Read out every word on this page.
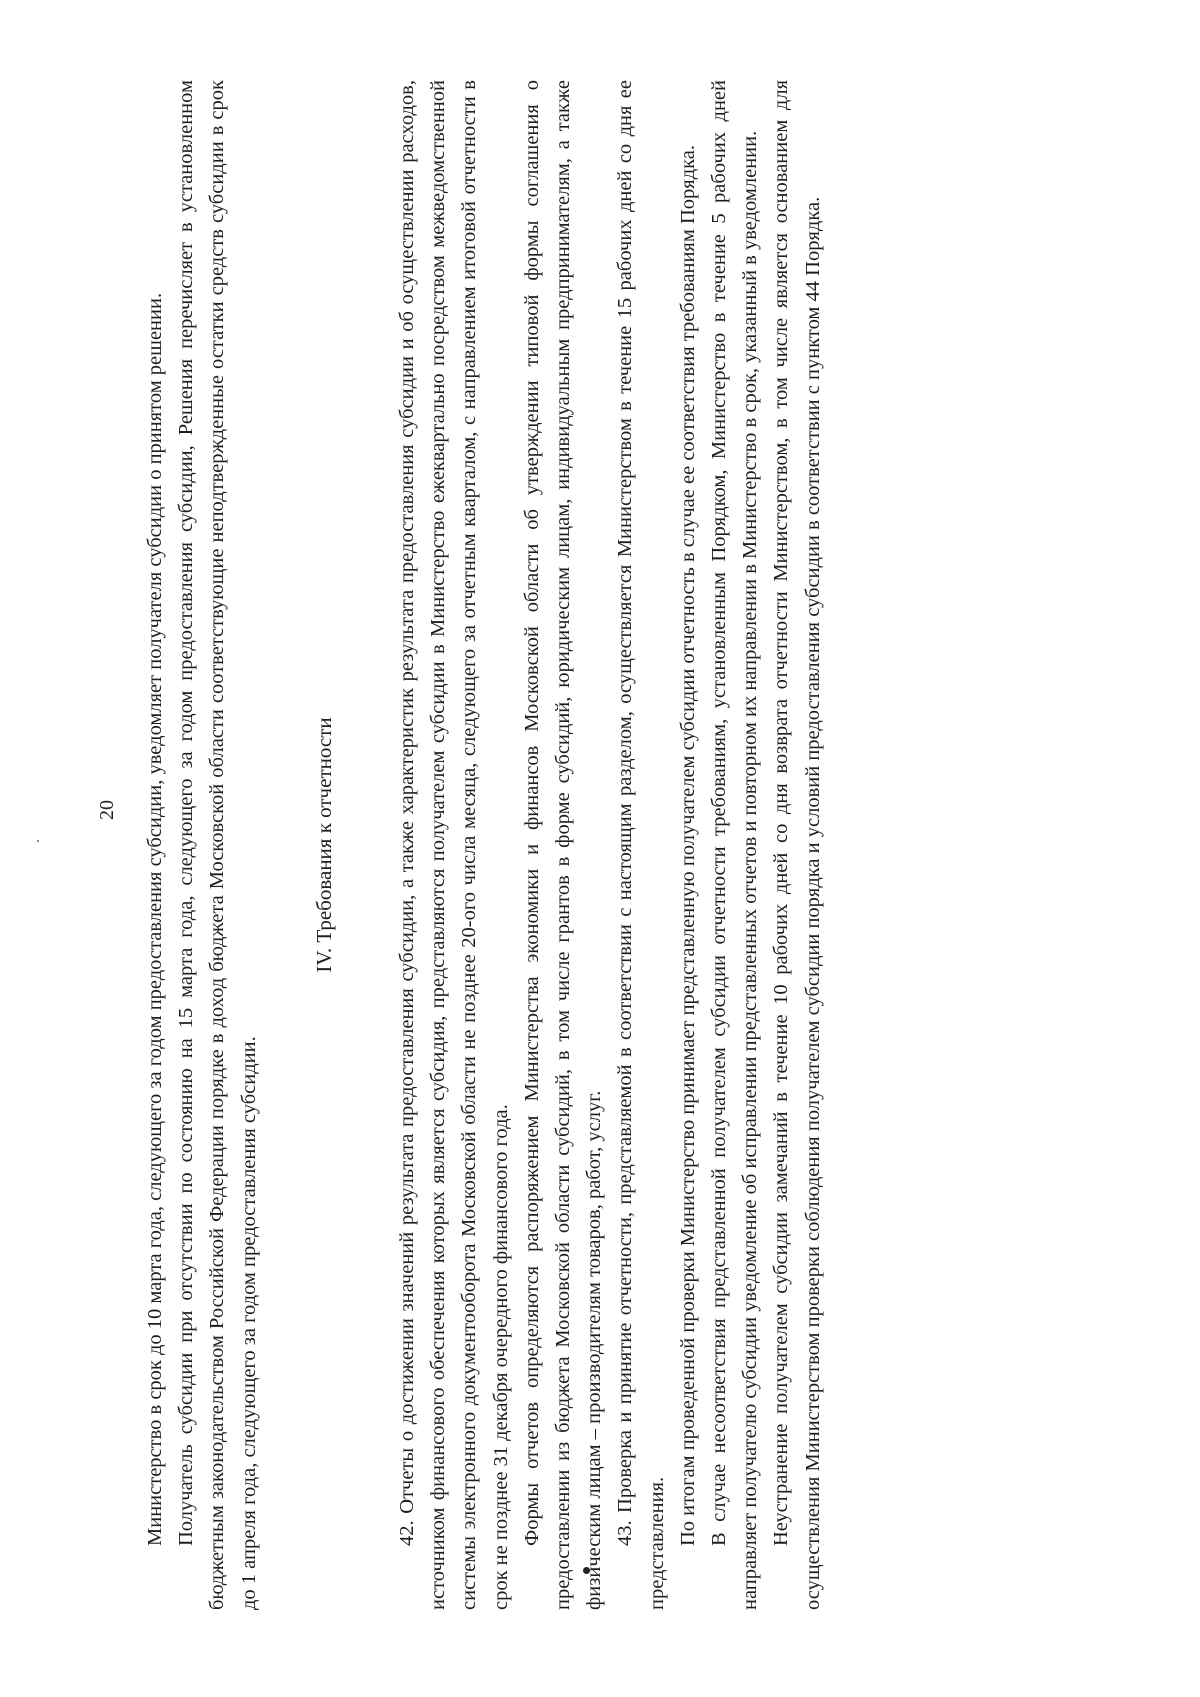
20 Министерство в срок до 10 марта года, следующего за годом предоставления субсидии, уведомляет получателя субсидии о принятом решении. Получатель субсидии при отсутствии по состоянию на 15 марта года, следующего за годом предоставления субсидии, Решения перечисляет в установленном бюджетным законодательством Российской Федерации порядке в доход бюджета Московской области соответствующие неподтвержденные остатки средств субсидии в срок до 1 апреля года, следующего за годом предоставления субсидии.

IV. Требования к отчетности	42. Отчеты о достижении значений результата предоставления субсидии, а также характеристик результата предоставления субсидии и об осуществлении расходов, источником финансового обеспечения которых является субсидия, представляются получателем субсидии в Министерство ежеквартально посредством межведомственной системы электронного документооборота Московской области не позднее 20-ого числа месяца, следующего за отчетным кварталом, с направлением итоговой отчетности в срок не позднее 31 декабря очередного финансового года. Формы отчетов определяются распоряжением Министерства экономики и финансов Московской области об утверждении типовой формы соглашения о предоставлении из бюджета Московской области субсидий, в том числе грантов в форме субсидий, юридическим лицам, индивидуальным предпринимателям, а также физическим лицам – производителям товаров, работ, услуг. 43. Проверка и принятие отчетности, представляемой в соответствии с настоящим разделом, осуществляется Министерством в течение 15 рабочих дней со дня ее представления. По итогам проведенной проверки Министерство принимает представленную получателем субсидии отчетность в случае ее соответствия требованиям Порядка. В случае несоответствия представленной получателем субсидии отчетности требованиям, установленным Порядком, Министерство в течение 5 рабочих дней направляет получателю субсидии уведомление об исправлении представленных отчетов и повторном их направлении в Министерство в срок, указанный в уведомлении. Неустранение получателем субсидии замечаний в течение 10 рабочих дней со дня возврата отчетности Министерством, в том числе является основанием для осуществления Министерством проверки соблюдения получателем субсидии порядка и условий предоставления субсидии в соответствии с пунктом 44 Порядка.
